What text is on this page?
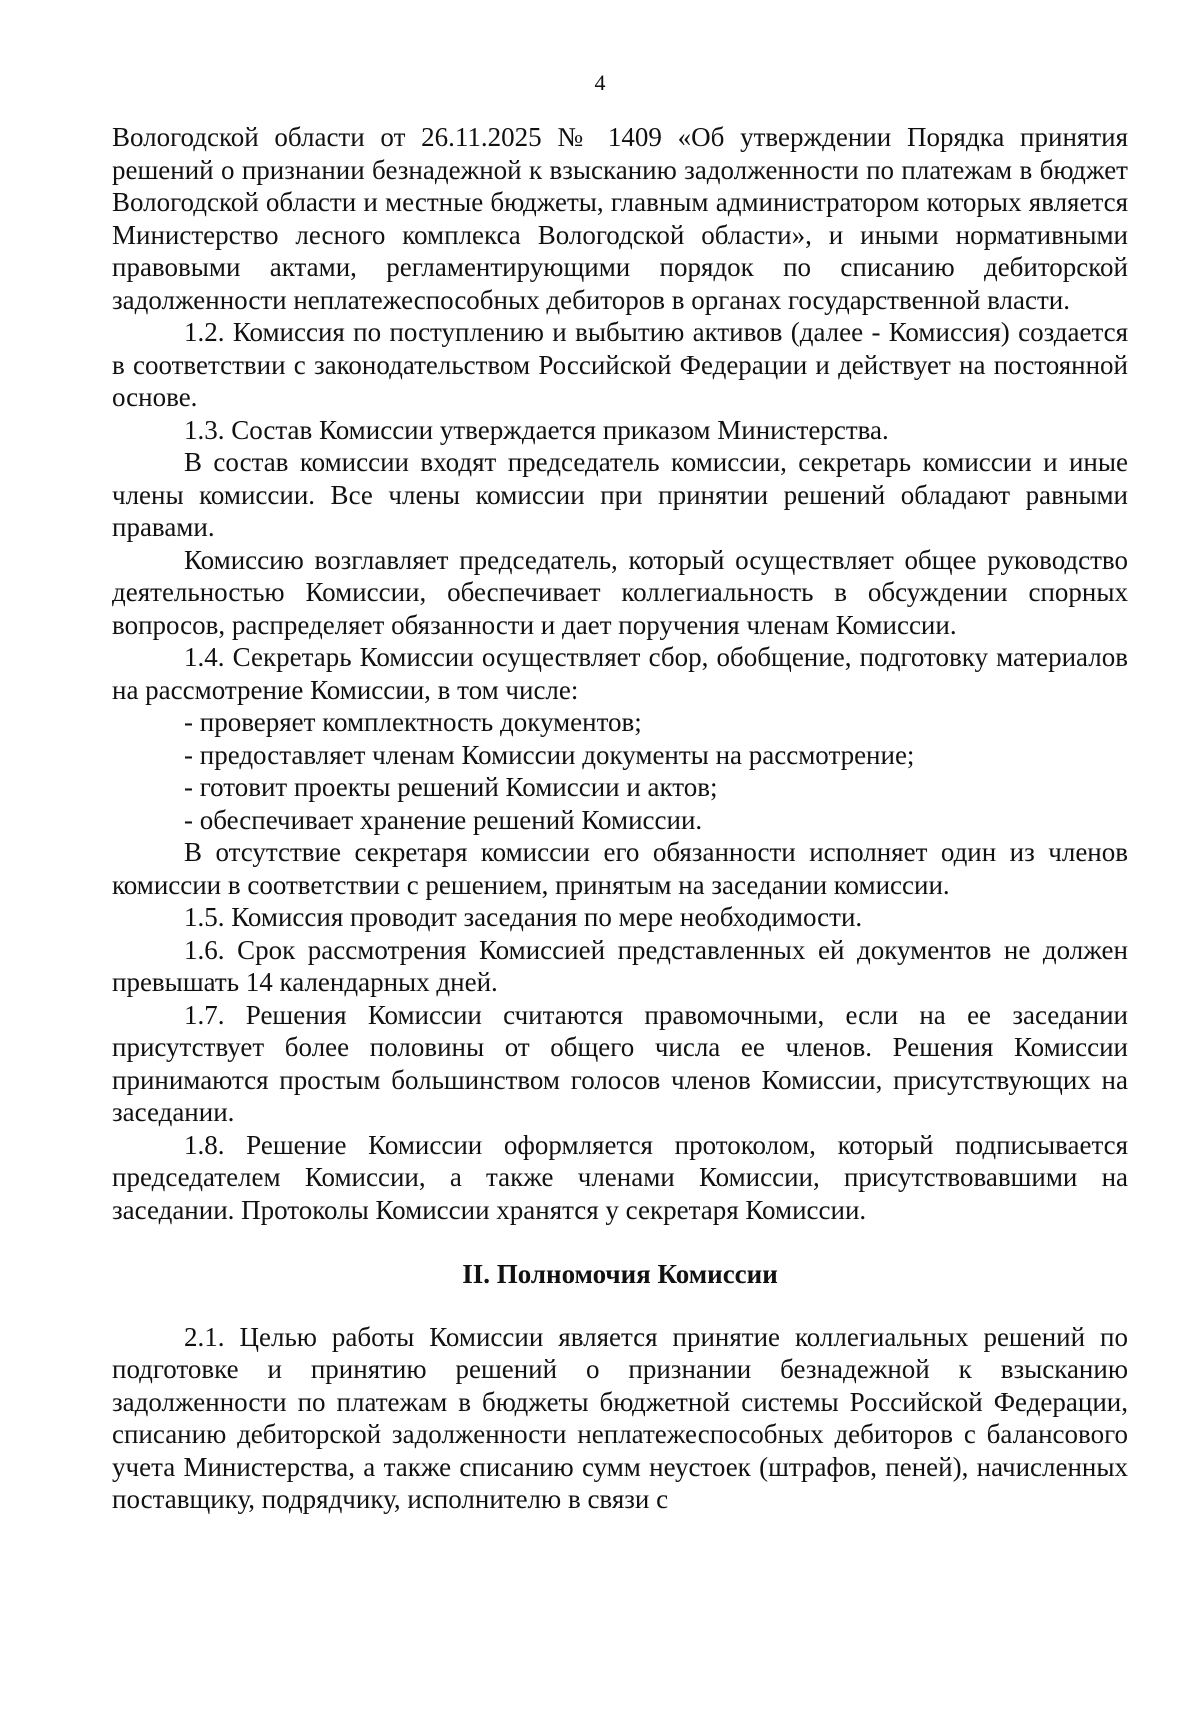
4

Вологодской области от 26.11.2025 № 1409 «Об утверждении Порядка принятия решений о признании безнадежной к взысканию задолженности по платежам в бюджет Вологодской области и местные бюджеты, главным администратором которых является Министерство лесного комплекса Вологодской области», и иными нормативными правовыми актами, регламентирующими порядок по списанию дебиторской задолженности неплатежеспособных дебиторов в органах государственной власти.

1.2. Комиссия по поступлению и выбытию активов (далее - Комиссия) создается в соответствии с законодательством Российской Федерации и действует на постоянной основе.

1.3. Состав Комиссии утверждается приказом Министерства.

В состав комиссии входят председатель комиссии, секретарь комиссии и иные члены комиссии. Все члены комиссии при принятии решений обладают равными правами.

Комиссию возглавляет председатель, который осуществляет общее руководство деятельностью Комиссии, обеспечивает коллегиальность в обсуждении спорных вопросов, распределяет обязанности и дает поручения членам Комиссии.

1.4. Секретарь Комиссии осуществляет сбор, обобщение, подготовку материалов на рассмотрение Комиссии, в том числе:

- проверяет комплектность документов;

- предоставляет членам Комиссии документы на рассмотрение;

- готовит проекты решений Комиссии и актов;

- обеспечивает хранение решений Комиссии.

В отсутствие секретаря комиссии его обязанности исполняет один из членов комиссии в соответствии с решением, принятым на заседании комиссии.

1.5. Комиссия проводит заседания по мере необходимости.

1.6. Срок рассмотрения Комиссией представленных ей документов не должен превышать 14 календарных дней.

1.7. Решения Комиссии считаются правомочными, если на ее заседании присутствует более половины от общего числа ее членов. Решения Комиссии принимаются простым большинством голосов членов Комиссии, присутствующих на заседании.

1.8. Решение Комиссии оформляется протоколом, который подписывается председателем Комиссии, а также членами Комиссии, присутствовавшими на заседании. Протоколы Комиссии хранятся у секретаря Комиссии.

II. Полномочия Комиссии

2.1. Целью работы Комиссии является принятие коллегиальных решений по подготовке и принятию решений о признании безнадежной к взысканию задолженности по платежам в бюджеты бюджетной системы Российской Федерации, списанию дебиторской задолженности неплатежеспособных дебиторов с балансового учета Министерства, а также списанию сумм неустоек (штрафов, пеней), начисленных поставщику, подрядчику, исполнителю в связи с
